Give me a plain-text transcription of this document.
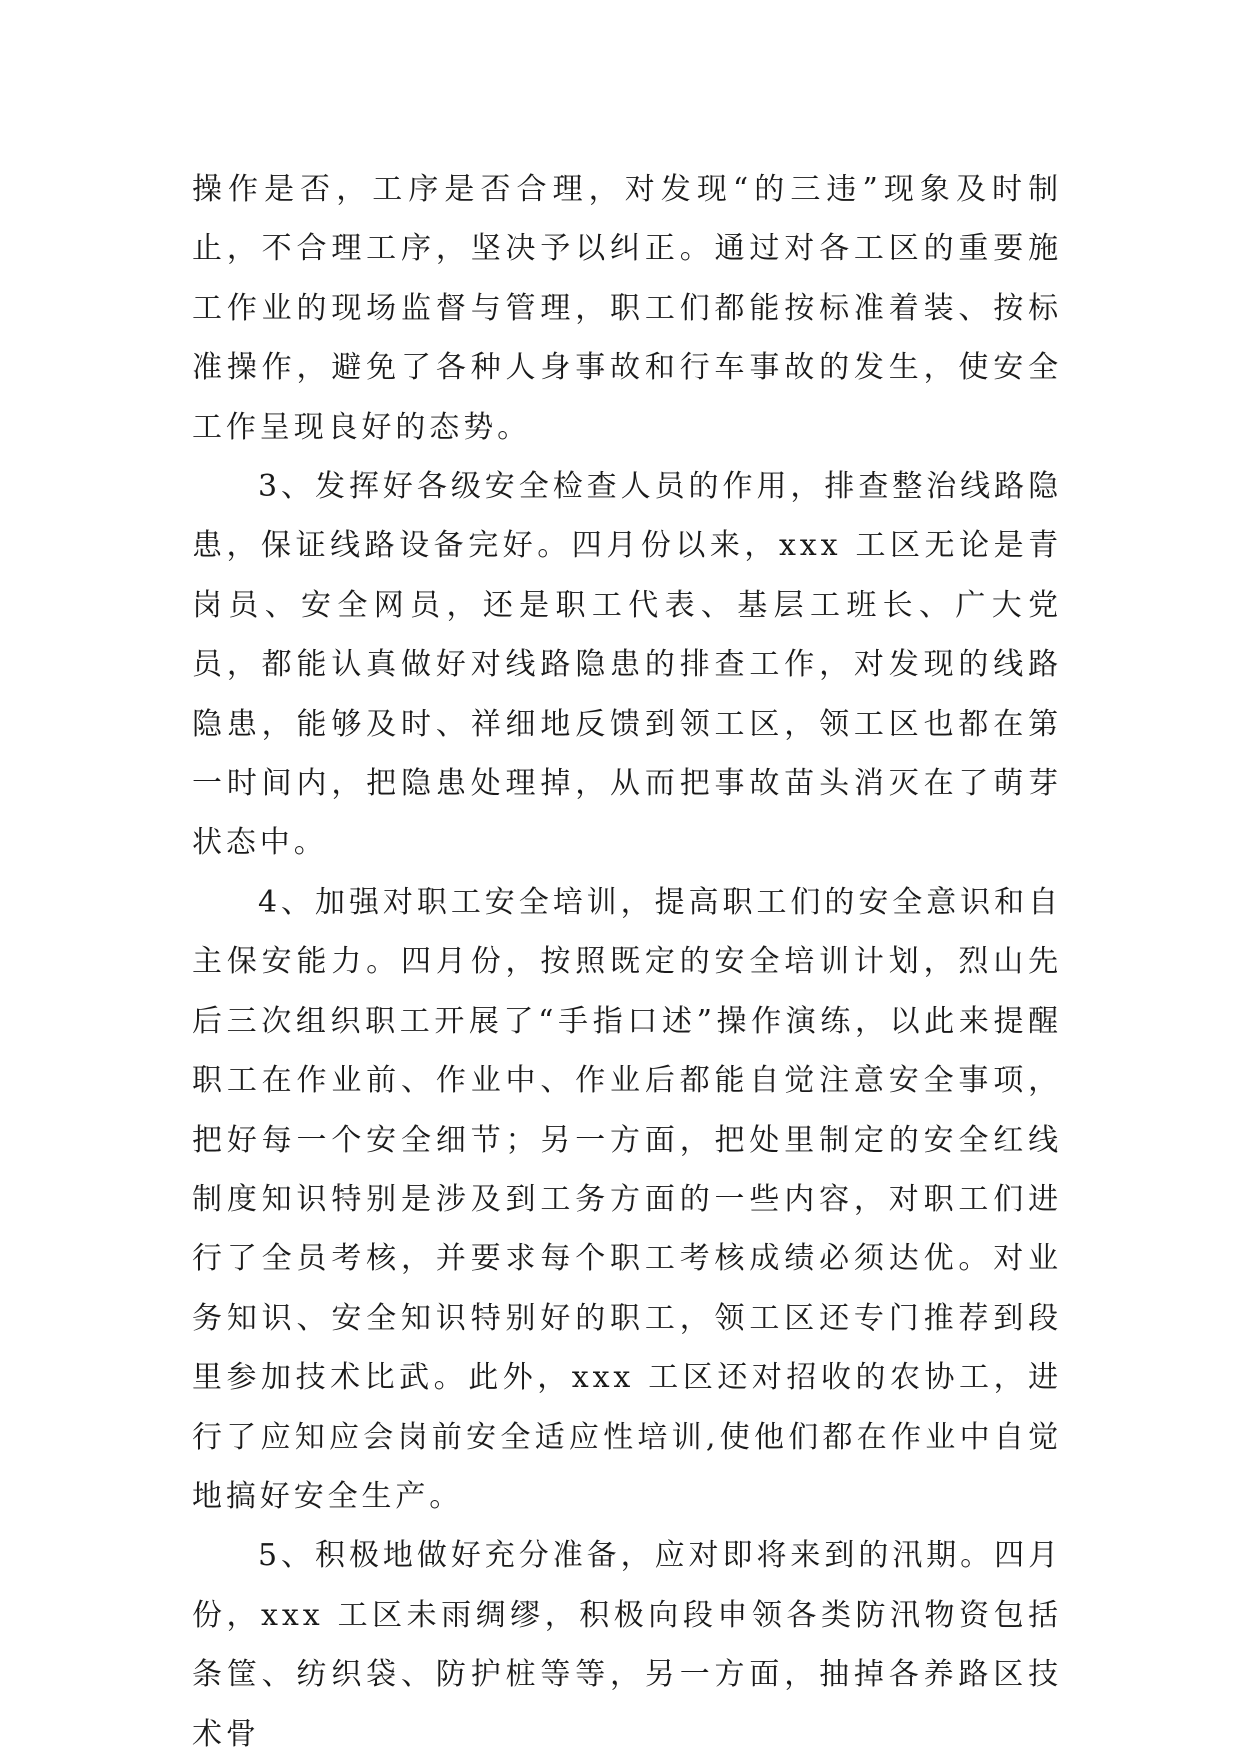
操作是否，工序是否合理，对发现“的三违”现象及时制止，不合理工序，坚决予以纠正。通过对各工区的重要施工作业的现场监督与管理，职工们都能按标准着装、按标准操作，避免了各种人身事故和行车事故的发生，使安全工作呈现良好的态势。

3、发挥好各级安全检查人员的作用，排查整治线路隐患，保证线路设备完好。四月份以来，xxx 工区无论是青岗员、安全网员，还是职工代表、基层工班长、广大党员，都能认真做好对线路隐患的排查工作，对发现的线路隐患，能够及时、祥细地反馈到领工区，领工区也都在第一时间内，把隐患处理掉，从而把事故苗头消灭在了萌芽状态中。

4、加强对职工安全培训，提高职工们的安全意识和自主保安能力。四月份，按照既定的安全培训计划，烈山先后三次组织职工开展了“手指口述”操作演练，以此来提醒职工在作业前、作业中、作业后都能自觉注意安全事项，把好每一个安全细节；另一方面，把处里制定的安全红线制度知识特别是涉及到工务方面的一些内容，对职工们进行了全员考核，并要求每个职工考核成绩必须达优。对业务知识、安全知识特别好的职工，领工区还专门推荐到段里参加技术比武。此外，xxx 工区还对招收的农协工，进行了应知应会岗前安全适应性培训,使他们都在作业中自觉地搞好安全生产。

5、积极地做好充分准备，应对即将来到的汛期。四月份，xxx 工区未雨绸缪，积极向段申领各类防汛物资包括条筐、纺织袋、防护桩等等，另一方面，抽掉各养路区技术骨
